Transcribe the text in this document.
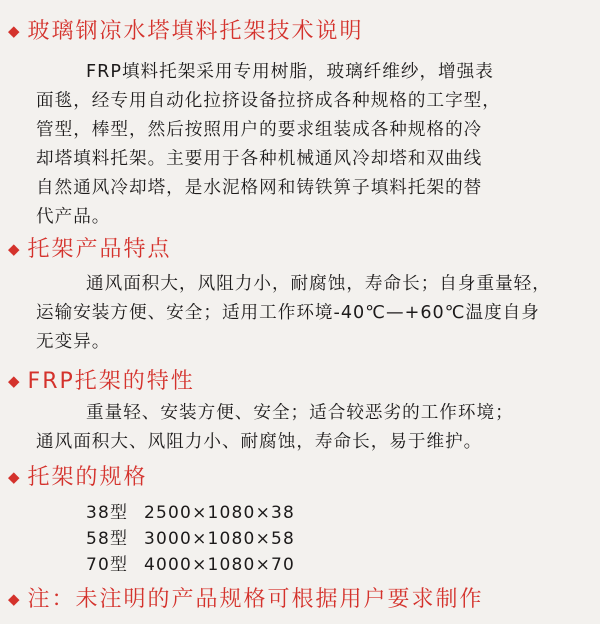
◆ 玻璃钢凉水塔填料托架技术说明
FRP填料托架采用专用树脂，玻璃纤维纱，增强表
面毯，经专用自动化拉挤设备拉挤成各种规格的工字型，
管型，棒型，然后按照用户的要求组装成各种规格的冷
却塔填料托架。主要用于各种机械通风冷却塔和双曲线
自然通风冷却塔，是水泥格网和铸铁箅子填料托架的替
代产品。
◆ 托架产品特点
通风面积大，风阻力小，耐腐蚀，寿命长；自身重量轻，
运输安装方便、安全；适用工作环境-40℃—+60℃温度自身
无变异。
◆ FRP托架的特性
重量轻、安装方便、安全；适合较恶劣的工作环境；
通风面积大、风阻力小、耐腐蚀，寿命长，易于维护。
◆ 托架的规格
38型 2500×1080×38
58型 3000×1080×58
70型 4000×1080×70
◆ 注：未注明的产品规格可根据用户要求制作
